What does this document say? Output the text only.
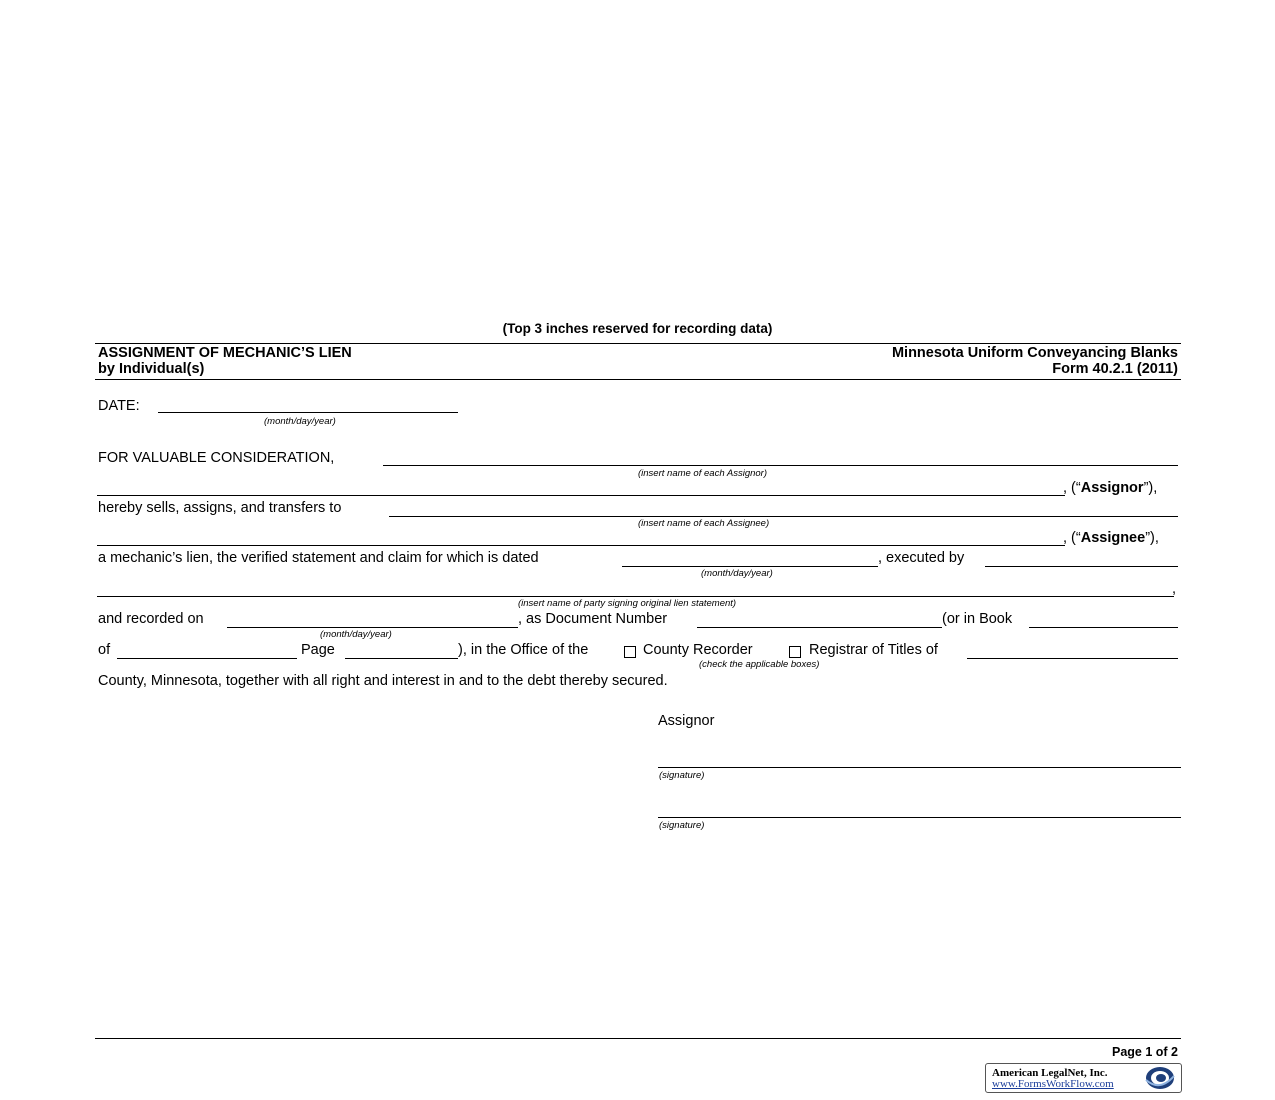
(Top 3 inches reserved for recording data)
ASSIGNMENT OF MECHANIC’S LIEN
by Individual(s)
Minnesota Uniform Conveyancing Blanks
Form 40.2.1 (2011)
DATE:
(month/day/year)
FOR VALUABLE CONSIDERATION,
(insert name of each Assignor)
, (“Assignor”),
hereby sells, assigns, and transfers to
(insert name of each Assignee)
, (“Assignee”),
a mechanic’s lien, the verified statement and claim for which is dated
(month/day/year)
, executed by
,
(insert name of party signing original lien statement)
and recorded on
(month/day/year)
, as Document Number	(or in Book
of	Page	), in the Office of the	County Recorder	Registrar of Titles of
(check the applicable boxes)
County, Minnesota, together with all right and interest in and to the debt thereby secured.
Assignor
(signature)
(signature)
Page 1 of 2
American LegalNet, Inc.
www.FormsWorkFlow.com
